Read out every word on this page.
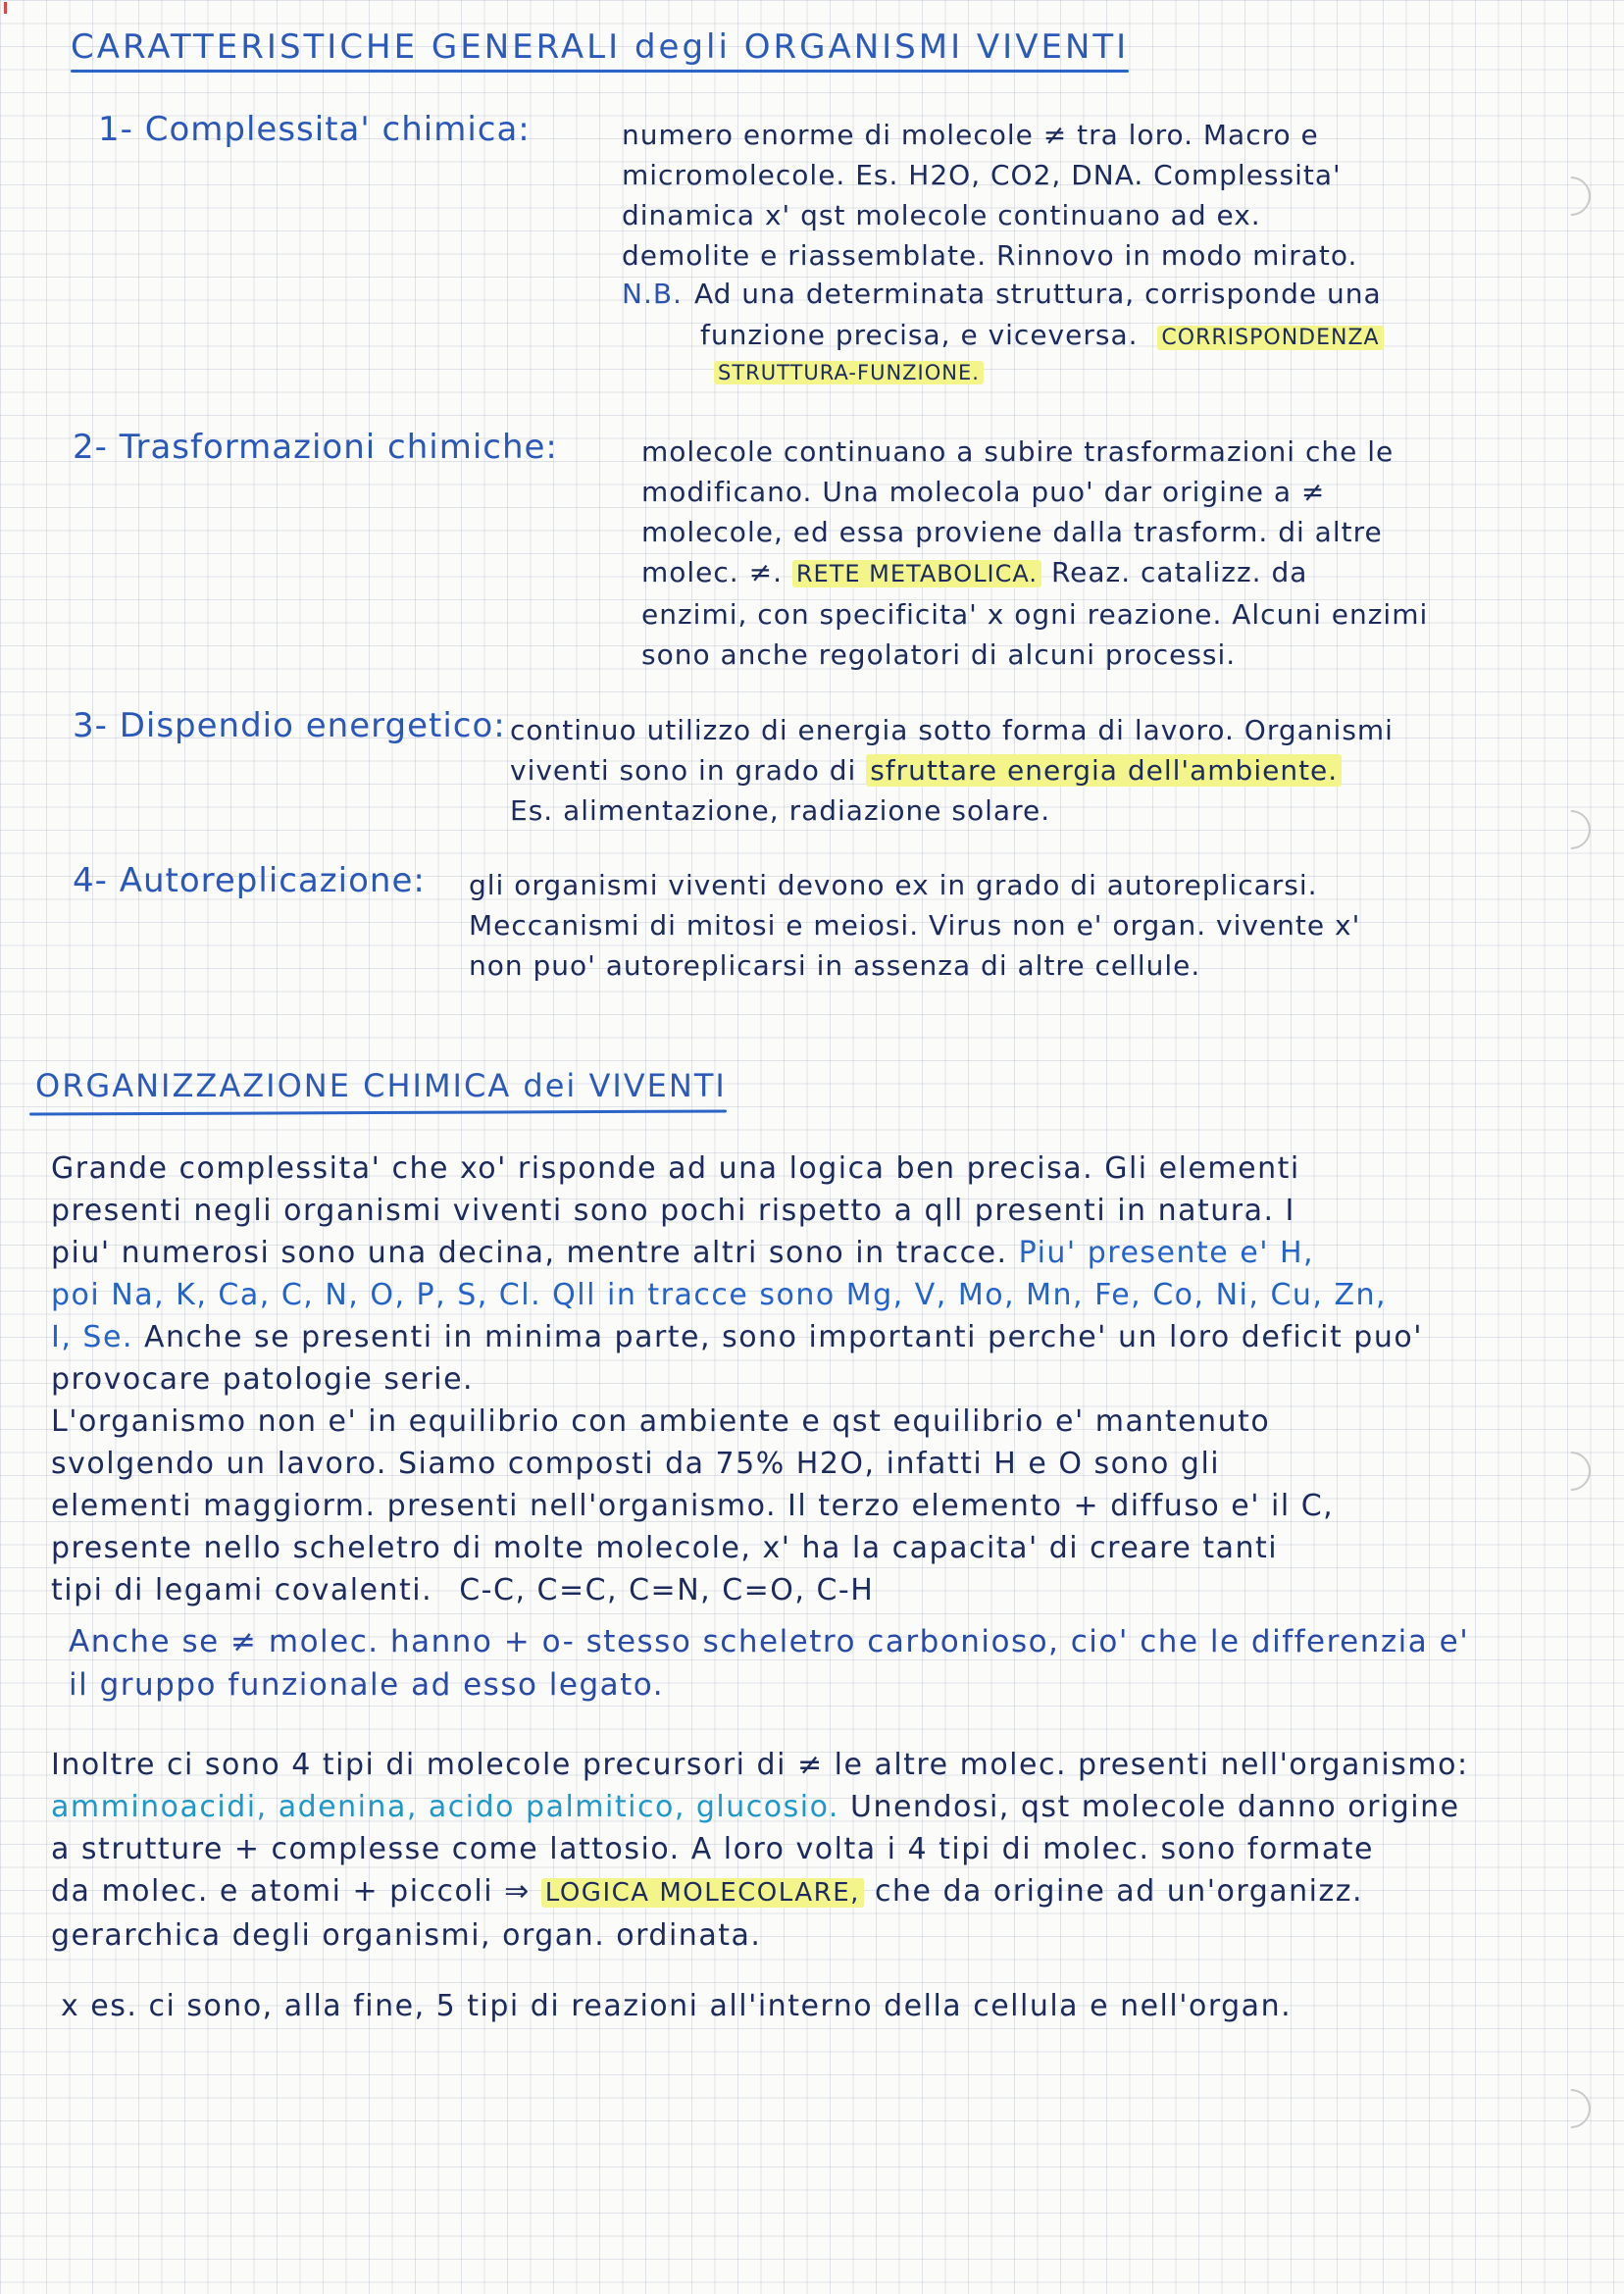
CARATTERISTICHE GENERALI degli ORGANISMI VIVENTI
1- Complessita' chimica:	numero enorme di molecole ≠ tra loro. Macro e
micromolecole. Es. H2O, CO2, DNA. Complessita'
dinamica x' qst molecole continuano ad ex.
demolite e riassemblate. Rinnovo in modo mirato.
N.B. Ad una determinata struttura, corrisponde una
funzione precisa, e viceversa. CORRISPONDENZA
STRUTTURA-FUNZIONE.
2- Trasformazioni chimiche:	molecole continuano a subire trasformazioni che le
modificano. Una molecola puo' dar origine a ≠
molecole, ed essa proviene dalla trasform. di altre
molec. ≠. RETE METABOLICA. Reaz. catalizz. da
enzimi, con specificita' x ogni reazione. Alcuni enzimi
sono anche regolatori di alcuni processi.
3- Dispendio energetico: continuo utilizzo di energia sotto forma di lavoro. Organismi
viventi sono in grado di sfruttare energia dell'ambiente.
Es. alimentazione, radiazione solare.
4- Autoreplicazione: gli organismi viventi devono ex in grado di autoreplicarsi.
Meccanismi di mitosi e meiosi. Virus non e' organ. vivente x'
non puo' autoreplicarsi in assenza di altre cellule.
ORGANIZZAZIONE CHIMICA dei VIVENTI
Grande complessita' che xo' risponde ad una logica ben precisa. Gli elementi
presenti negli organismi viventi sono pochi rispetto a qll presenti in natura. I
piu' numerosi sono una decina, mentre altri sono in tracce. Piu' presente e' H,
poi Na, K, Ca, C, N, O, P, S, Cl. Qll in tracce sono Mg, V, Mo, Mn, Fe, Co, Ni, Cu, Zn,
I, Se. Anche se presenti in minima parte, sono importanti perche' un loro deficit puo'
provocare patologie serie.
L'organismo non e' in equilibrio con ambiente e qst equilibrio e' mantenuto
svolgendo un lavoro. Siamo composti da 75% H2O, infatti H e O sono gli
elementi maggiorm. presenti nell'organismo. Il terzo elemento + diffuso e' il C,
presente nello scheletro di molte molecole, x' ha la capacita' di creare tanti
tipi di legami covalenti. C-C, C=C, C=N, C=O, C-H
Anche se ≠ molec. hanno + o- stesso scheletro carbonioso, cio' che le differenzia e'
il gruppo funzionale ad esso legato.
Inoltre ci sono 4 tipi di molecole precursori di ≠ le altre molec. presenti nell'organismo:
amminoacidi, adenina, acido palmitico, glucosio. Unendosi, qst molecole danno origine
a strutture + complesse come lattosio. A loro volta i 4 tipi di molec. sono formate
da molec. e atomi + piccoli ⇒ LOGICA MOLECOLARE, che da origine ad un'organizz.
gerarchica degli organismi, organ. ordinata.
x es. ci sono, alla fine, 5 tipi di reazioni all'interno della cellula e nell'organ.
